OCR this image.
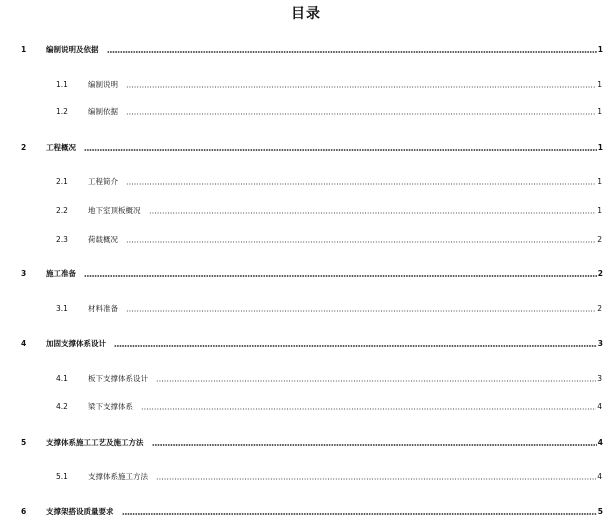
目录
1	编制说明及依据	1
1.1	编制说明	1
1.2	编制依据	1
2	工程概况	1
2.1	工程简介	1
2.2	地下室顶板概况	1
2.3	荷载概况	2
3	施工准备	2
3.1	材料准备	2
4	加固支撑体系设计	3
4.1	板下支撑体系设计	3
4.2	梁下支撑体系	4
5	支撑体系施工工艺及施工方法	4
5.1	支撑体系施工方法	4
6	支撑架搭设质量要求	5
